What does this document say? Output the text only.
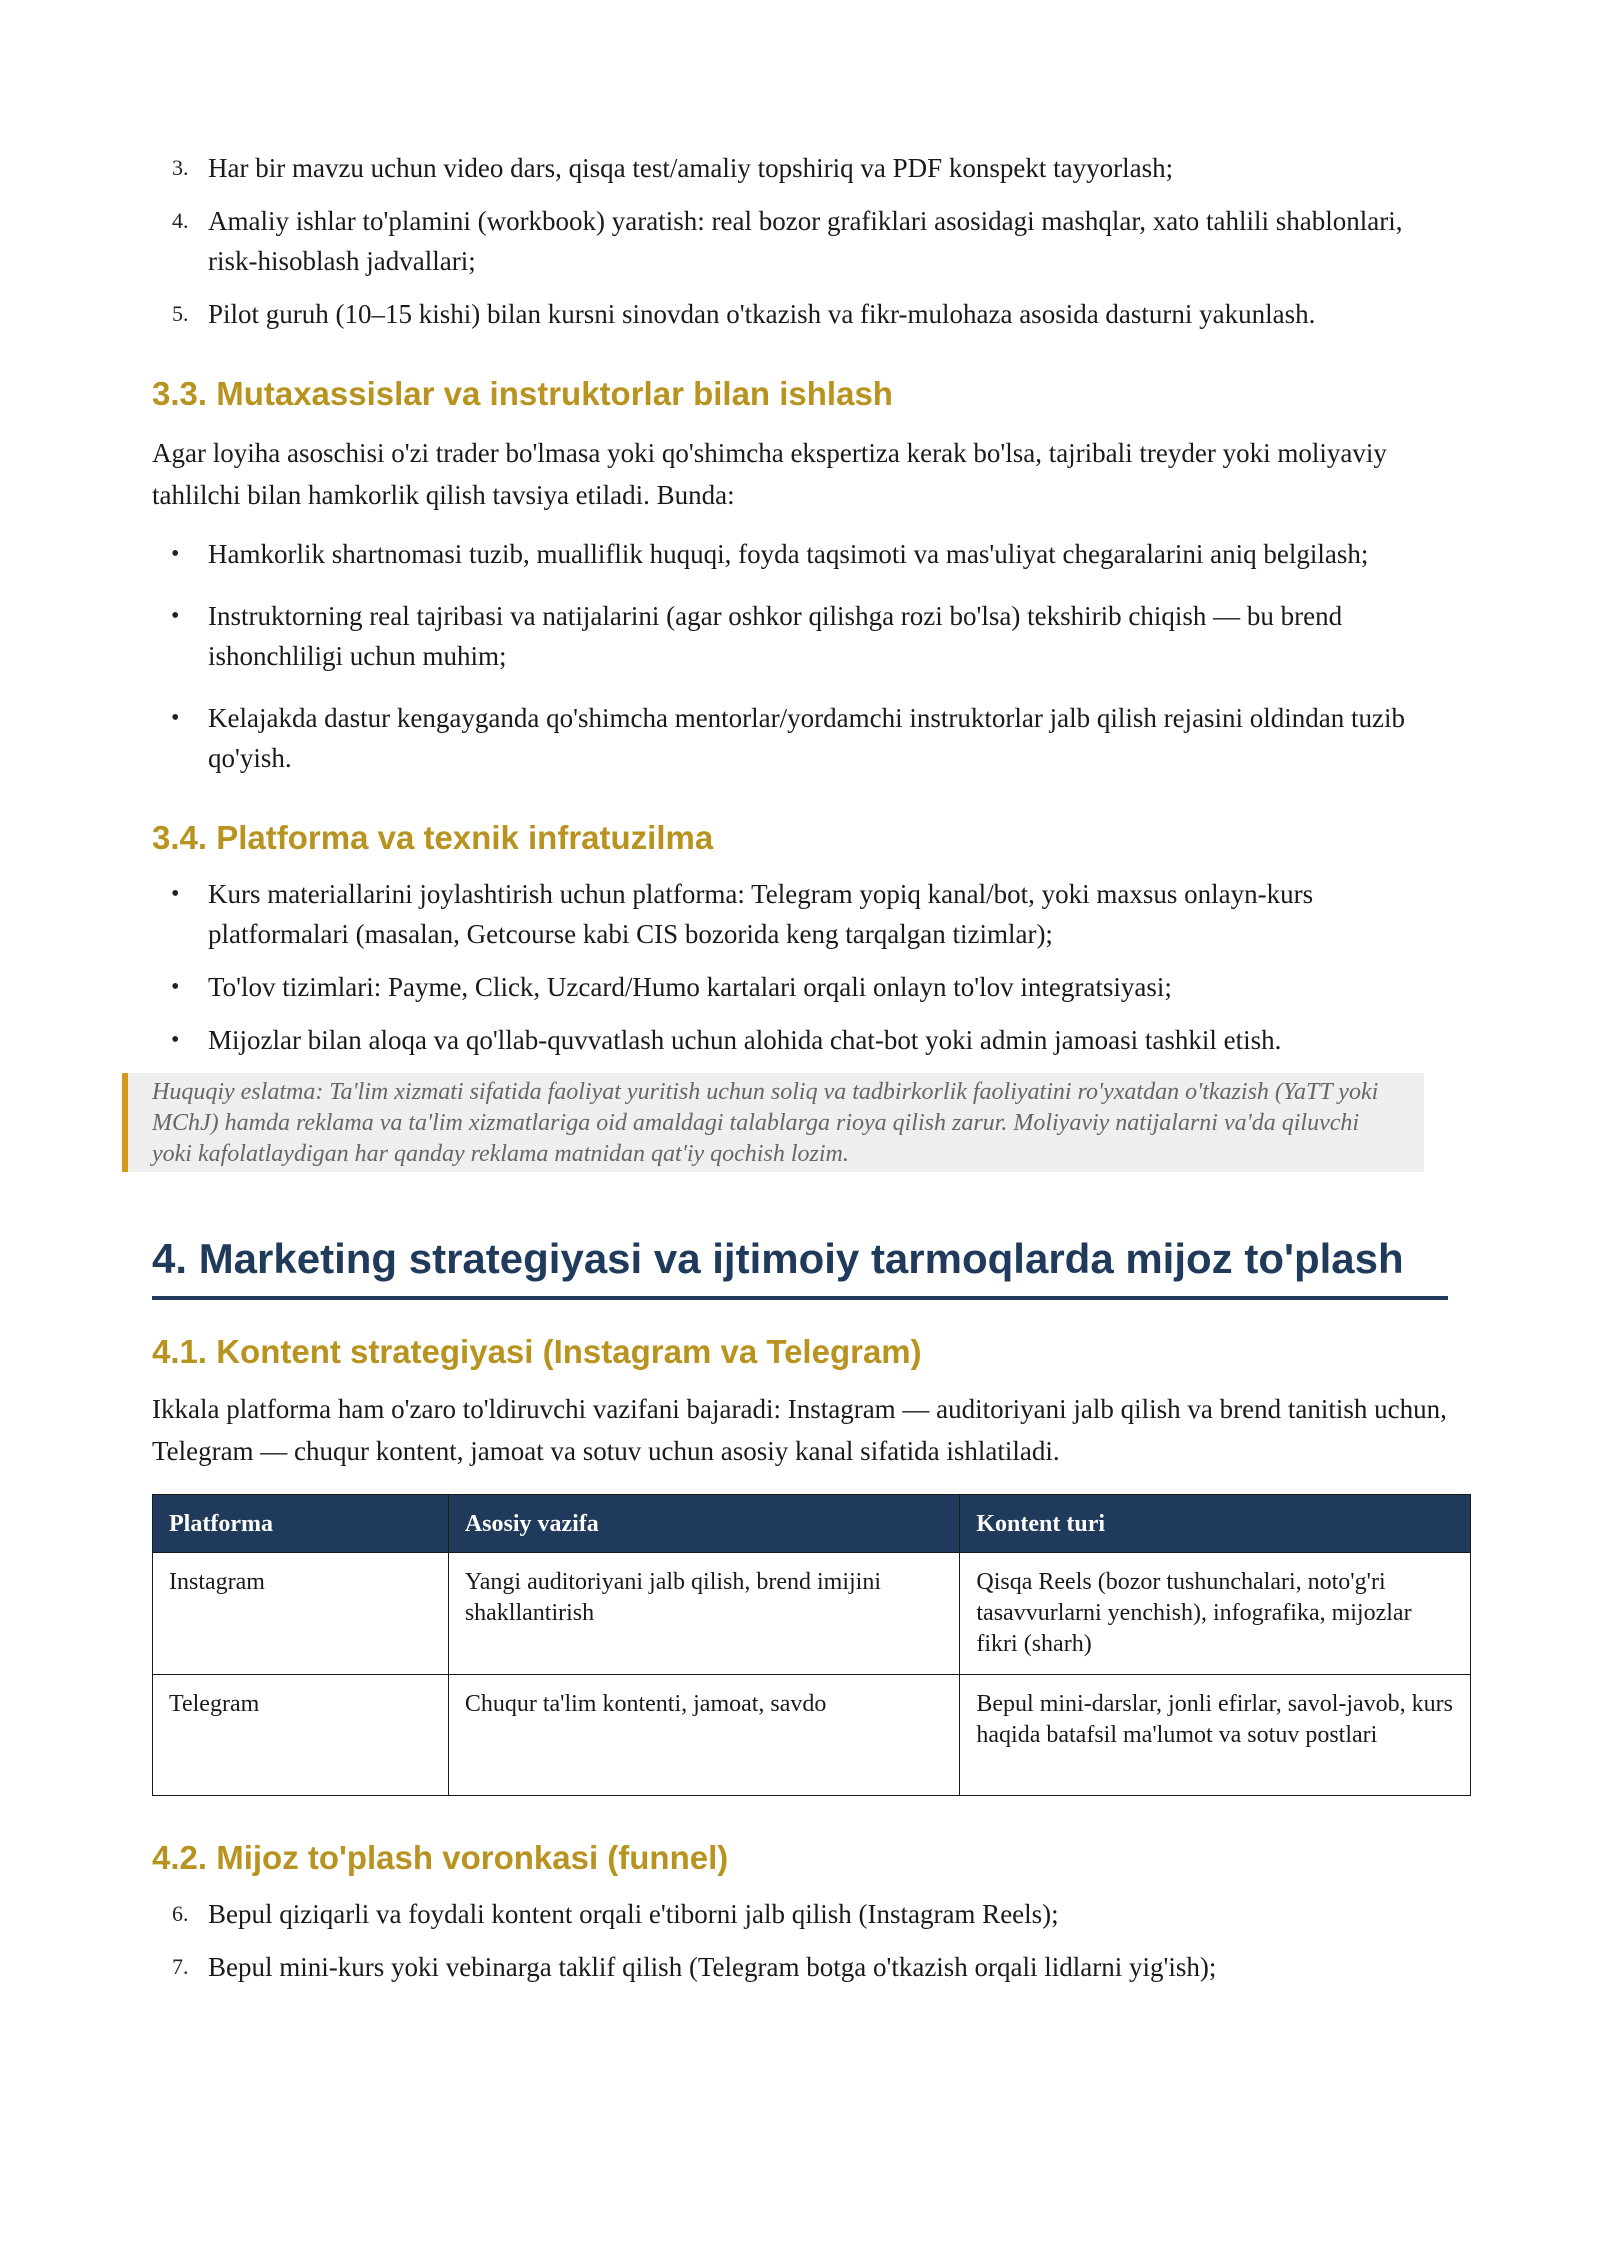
3. Har bir mavzu uchun video dars, qisqa test/amaliy topshiriq va PDF konspekt tayyorlash;
4. Amaliy ishlar to'plamini (workbook) yaratish: real bozor grafiklari asosidagi mashqlar, xato tahlili shablonlari, risk-hisoblash jadvallari;
5. Pilot guruh (10–15 kishi) bilan kursni sinovdan o'tkazish va fikr-mulohaza asosida dasturni yakunlash.
3.3. Mutaxassislar va instruktorlar bilan ishlash

Agar loyiha asoschisi o'zi trader bo'lmasa yoki qo'shimcha ekspertiza kerak bo'lsa, tajribali treyder yoki moliyaviy tahlilchi bilan hamkorlik qilish tavsiya etiladi. Bunda:

• Hamkorlik shartnomasi tuzib, mualliflik huquqi, foyda taqsimoti va mas'uliyat chegaralarini aniq belgilash;
• Instruktorning real tajribasi va natijalarini (agar oshkor qilishga rozi bo'lsa) tekshirib chiqish — bu brend ishonchliligi uchun muhim;
• Kelajakda dastur kengayganda qo'shimcha mentorlar/yordamchi instruktorlar jalb qilish rejasini oldindan tuzib qo'yish.
3.4. Platforma va texnik infratuzilma
• Kurs materiallarini joylashtirish uchun platforma: Telegram yopiq kanal/bot, yoki maxsus onlayn-kurs platformalari (masalan, Getcourse kabi CIS bozorida keng tarqalgan tizimlar);
• To'lov tizimlari: Payme, Click, Uzcard/Humo kartalari orqali onlayn to'lov integratsiyasi;
• Mijozlar bilan aloqa va qo'llab-quvvatlash uchun alohida chat-bot yoki admin jamoasi tashkil etish.
Huquqiy eslatma: Ta'lim xizmati sifatida faoliyat yuritish uchun soliq va tadbirkorlik faoliyatini ro'yxatdan o'tkazish (YaTT yoki MChJ) hamda reklama va ta'lim xizmatlariga oid amaldagi talablarga rioya qilish zarur. Moliyaviy natijalarni va'da qiluvchi yoki kafolatlaydigan har qanday reklama matnidan qat'iy qochish lozim.
4. Marketing strategiyasi va ijtimoiy tarmoqlarda mijoz to'plash
4.1. Kontent strategiyasi (Instagram va Telegram)

Ikkala platforma ham o'zaro to'ldiruvchi vazifani bajaradi: Instagram — auditoriyani jalb qilish va brend tanitish uchun, Telegram — chuqur kontent, jamoat va sotuv uchun asosiy kanal sifatida ishlatiladi.

Platforma	Asosiy vazifa	Kontent turi
Instagram	Yangi auditoriyani jalb qilish, brend imijini shakllantirish	Qisqa Reels (bozor tushunchalari, noto'g'ri tasavvurlarni yenchish), infografika, mijozlar fikri (sharh)
Telegram	Chuqur ta'lim kontenti, jamoat, savdo	Bepul mini-darslar, jonli efirlar, savol-javob, kurs haqida batafsil ma'lumot va sotuv postlari
4.2. Mijoz to'plash voronkasi (funnel)
6. Bepul qiziqarli va foydali kontent orqali e'tiborni jalb qilish (Instagram Reels);
7. Bepul mini-kurs yoki vebinarga taklif qilish (Telegram botga o'tkazish orqali lidlarni yig'ish);
